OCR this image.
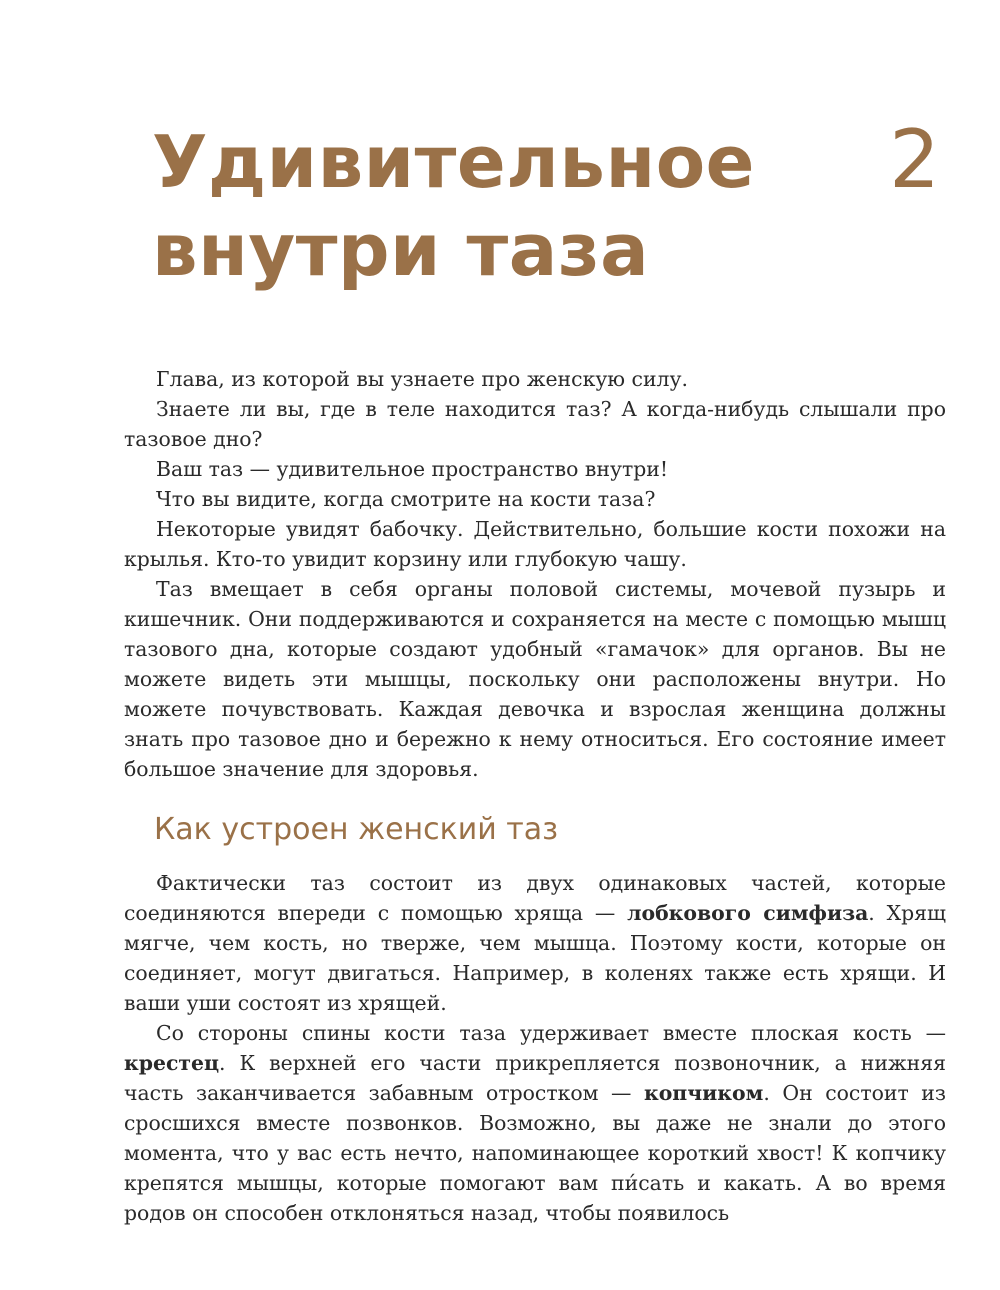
Удивительное
внутри таза
2

Глава, из которой вы узнаете про женскую силу.

Знаете ли вы, где в теле находится таз? А когда-нибудь слышали про тазовое дно?

Ваш таз — удивительное пространство внутри!

Что вы видите, когда смотрите на кости таза?

Некоторые увидят бабочку. Действительно, большие кости похожи на крылья. Кто-то увидит корзину или глубокую чашу.

Таз вмещает в себя органы половой системы, мочевой пузырь и кишечник. Они поддерживаются и сохраняется на месте с помощью мышц тазового дна, которые создают удобный «гамачок» для органов. Вы не можете видеть эти мышцы, поскольку они расположены внутри. Но можете почувствовать. Каждая девочка и взрослая женщина должны знать про тазовое дно и бережно к нему относиться. Его состояние имеет большое значение для здоровья.

Как устроен женский таз

Фактически таз состоит из двух одинаковых частей, которые соединяются впереди с помощью хряща — лобкового симфиза. Хрящ мягче, чем кость, но тверже, чем мышца. Поэтому кости, которые он соединяет, могут двигаться. Например, в коленях также есть хрящи. И ваши уши состоят из хрящей.

Со стороны спины кости таза удерживает вместе плоская кость — крестец. К верхней его части прикрепляется позвоночник, а нижняя часть заканчивается забавным отростком — копчиком. Он состоит из сросшихся вместе позвонков. Возможно, вы даже не знали до этого момента, что у вас есть нечто, напоминающее короткий хвост! К копчику крепятся мышцы, которые помогают вам пи́сать и какать. А во время родов он способен отклоняться назад, чтобы появилось
